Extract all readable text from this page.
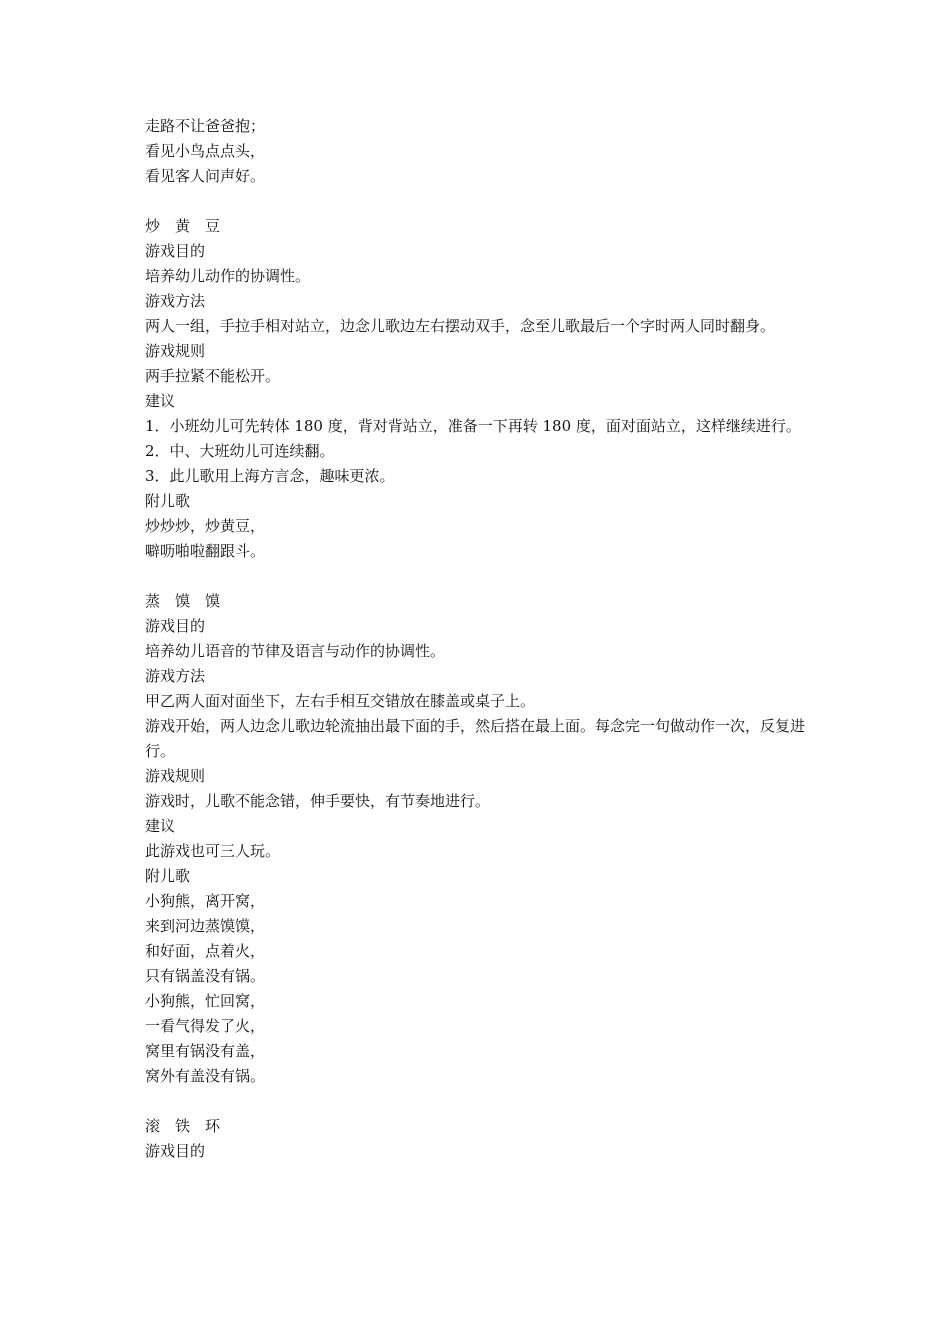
走路不让爸爸抱；
看见小鸟点点头，
看见客人问声好。
炒　黄　豆
游戏目的
培养幼儿动作的协调性。
游戏方法
两人一组，手拉手相对站立，边念儿歌边左右摆动双手，念至儿歌最后一个字时两人同时翻身。
游戏规则
两手拉紧不能松开。
建议
1．小班幼儿可先转体 180 度，背对背站立，准备一下再转 180 度，面对面站立，这样继续进行。
2．中、大班幼儿可连续翻。
3．此儿歌用上海方言念，趣味更浓。
附儿歌
炒炒炒，炒黄豆，
噼呖啪啦翻跟斗。
蒸　馍　馍
游戏目的
培养幼儿语音的节律及语言与动作的协调性。
游戏方法
甲乙两人面对面坐下，左右手相互交错放在膝盖或桌子上。
游戏开始，两人边念儿歌边轮流抽出最下面的手，然后搭在最上面。每念完一句做动作一次，反复进行。
游戏规则
游戏时，儿歌不能念错，伸手要快，有节奏地进行。
建议
此游戏也可三人玩。
附儿歌
小狗熊，离开窝，
来到河边蒸馍馍，
和好面，点着火，
只有锅盖没有锅。
小狗熊，忙回窝，
一看气得发了火，
窝里有锅没有盖，
窝外有盖没有锅。
滚　铁　环
游戏目的
